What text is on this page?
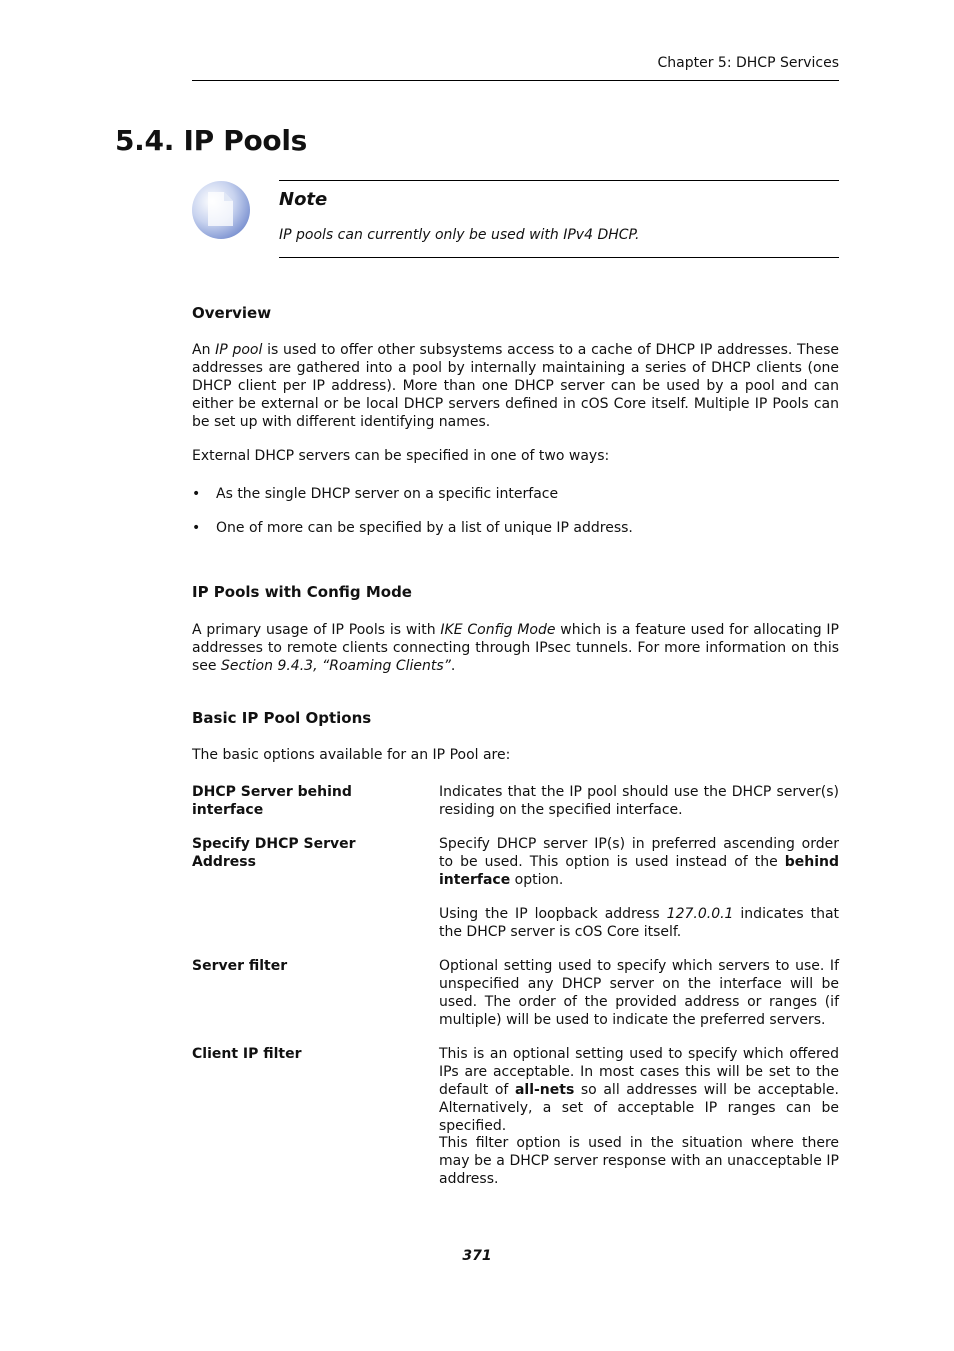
Chapter 5: DHCP Services
5.4. IP Pools
Note
IP pools can currently only be used with IPv4 DHCP.
Overview

An IP pool is used to offer other subsystems access to a cache of DHCP IP addresses. These addresses are gathered into a pool by internally maintaining a series of DHCP clients (one DHCP client per IP address). More than one DHCP server can be used by a pool and can either be external or be local DHCP servers defined in cOS Core itself. Multiple IP Pools can be set up with different identifying names.

External DHCP servers can be specified in one of two ways:

• As the single DHCP server on a specific interface
• One of more can be specified by a list of unique IP address.
IP Pools with Config Mode

A primary usage of IP Pools is with IKE Config Mode which is a feature used for allocating IP addresses to remote clients connecting through IPsec tunnels. For more information on this see Section 9.4.3, “Roaming Clients”.

Basic IP Pool Options

The basic options available for an IP Pool are:

DHCP Server behind interface

Indicates that the IP pool should use the DHCP server(s) residing on the specified interface.

Specify DHCP Server Address

Specify DHCP server IP(s) in preferred ascending order to be used. This option is used instead of the behind interface option.

Using the IP loopback address 127.0.0.1 indicates that the DHCP server is cOS Core itself.

Server filter	Optional setting used to specify which servers to use. If unspecified any DHCP server on the interface will be used. The order of the provided address or ranges (if multiple) will be used to indicate the preferred servers.

Client IP filter	This is an optional setting used to specify which offered IPs are acceptable. In most cases this will be set to the default of all-nets so all addresses will be acceptable. Alternatively, a set of acceptable IP ranges can be specified.

This filter option is used in the situation where there may be a DHCP server response with an unacceptable IP address.

371
